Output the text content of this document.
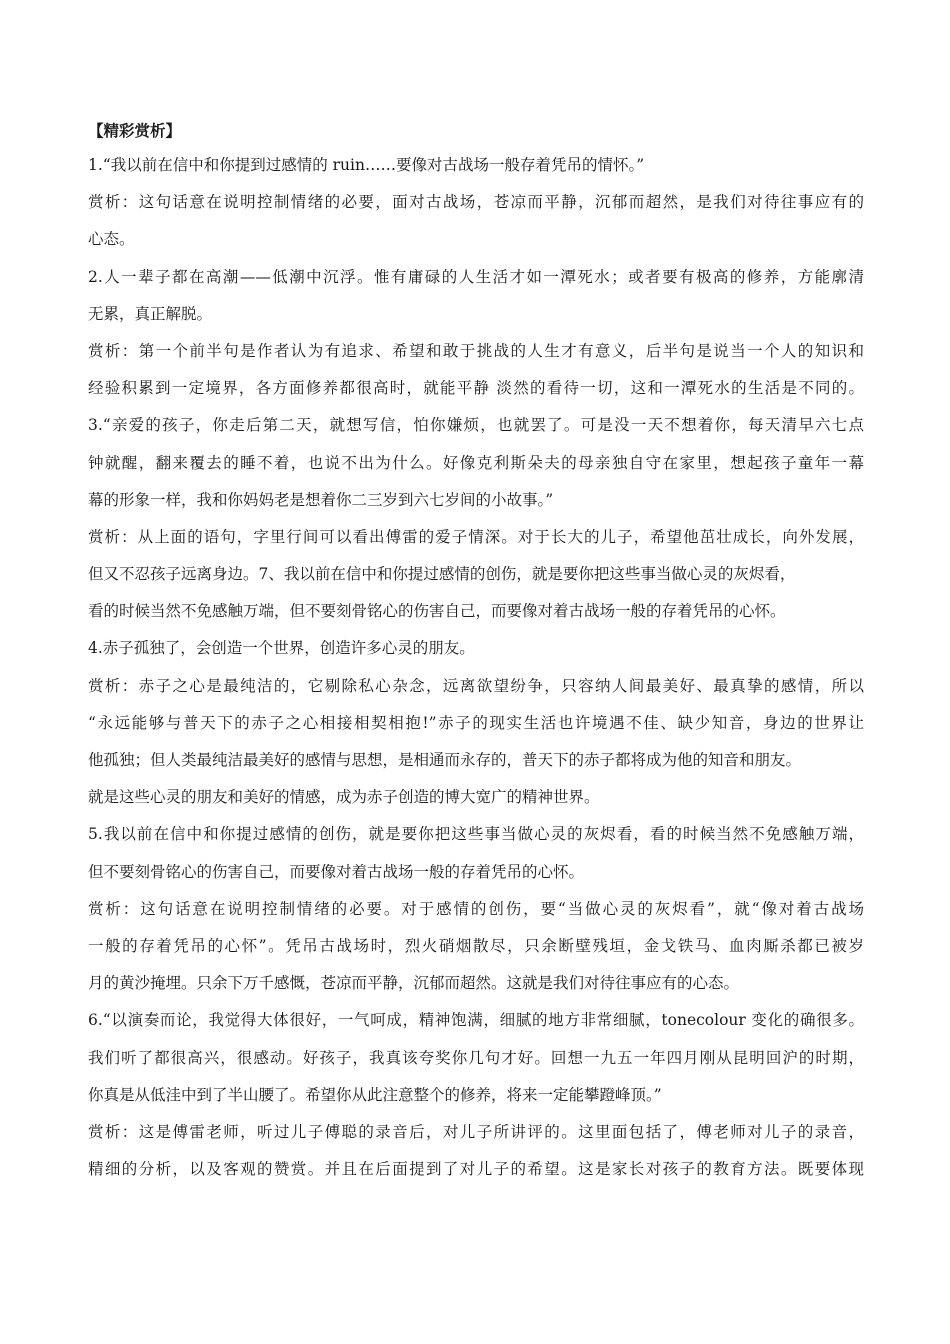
【精彩赏析】
1.“我以前在信中和你提到过感情的 ruin……要像对古战场一般存着凭吊的情怀。”
赏析：这句话意在说明控制情绪的必要，面对古战场，苍凉而平静，沉郁而超然，是我们对待往事应有的
心态。
2.人一辈子都在高潮——低潮中沉浮。惟有庸碌的人生活才如一潭死水；或者要有极高的修养，方能廓清
无累，真正解脱。
赏析：第一个前半句是作者认为有追求、希望和敢于挑战的人生才有意义，后半句是说当一个人的知识和
经验积累到一定境界，各方面修养都很高时，就能平静 淡然的看待一切，这和一潭死水的生活是不同的。
3.“亲爱的孩子，你走后第二天，就想写信，怕你嫌烦，也就罢了。可是没一天不想着你，每天清早六七点
钟就醒，翻来覆去的睡不着，也说不出为什么。好像克利斯朵夫的母亲独自守在家里，想起孩子童年一幕
幕的形象一样，我和你妈妈老是想着你二三岁到六七岁间的小故事。”
赏析：从上面的语句，字里行间可以看出傅雷的爱子情深。对于长大的儿子，希望他茁壮成长，向外发展，
但又不忍孩子远离身边。7、我以前在信中和你提过感情的创伤，就是要你把这些事当做心灵的灰烬看，
看的时候当然不免感触万端，但不要刻骨铭心的伤害自己，而要像对着古战场一般的存着凭吊的心怀。
4.赤子孤独了，会创造一个世界，创造许多心灵的朋友。
赏析：赤子之心是最纯洁的，它剔除私心杂念，远离欲望纷争，只容纳人间最美好、最真挚的感情，所以
“永远能够与普天下的赤子之心相接相契相抱!”赤子的现实生活也许境遇不佳、缺少知音，身边的世界让
他孤独；但人类最纯洁最美好的感情与思想，是相通而永存的，普天下的赤子都将成为他的知音和朋友。
就是这些心灵的朋友和美好的情感，成为赤子创造的博大宽广的精神世界。
5.我以前在信中和你提过感情的创伤，就是要你把这些事当做心灵的灰烬看，看的时候当然不免感触万端，
但不要刻骨铭心的伤害自己，而要像对着古战场一般的存着凭吊的心怀。
赏析：这句话意在说明控制情绪的必要。对于感情的创伤，要“当做心灵的灰烬看”，就“像对着古战场
一般的存着凭吊的心怀”。凭吊古战场时，烈火硝烟散尽，只余断壁残垣，金戈铁马、血肉厮杀都已被岁
月的黄沙掩埋。只余下万千感慨，苍凉而平静，沉郁而超然。这就是我们对待往事应有的心态。
6.“以演奏而论，我觉得大体很好，一气呵成，精神饱满，细腻的地方非常细腻，tonecolour 变化的确很多。
我们听了都很高兴，很感动。好孩子，我真该夸奖你几句才好。回想一九五一年四月刚从昆明回沪的时期，
你真是从低洼中到了半山腰了。希望你从此注意整个的修养，将来一定能攀蹬峰顶。”
赏析：这是傅雷老师，听过儿子傅聪的录音后，对儿子所讲评的。这里面包括了，傅老师对儿子的录音，
精细的分析，以及客观的赞赏。并且在后面提到了对儿子的希望。这是家长对孩子的教育方法。既要体现
